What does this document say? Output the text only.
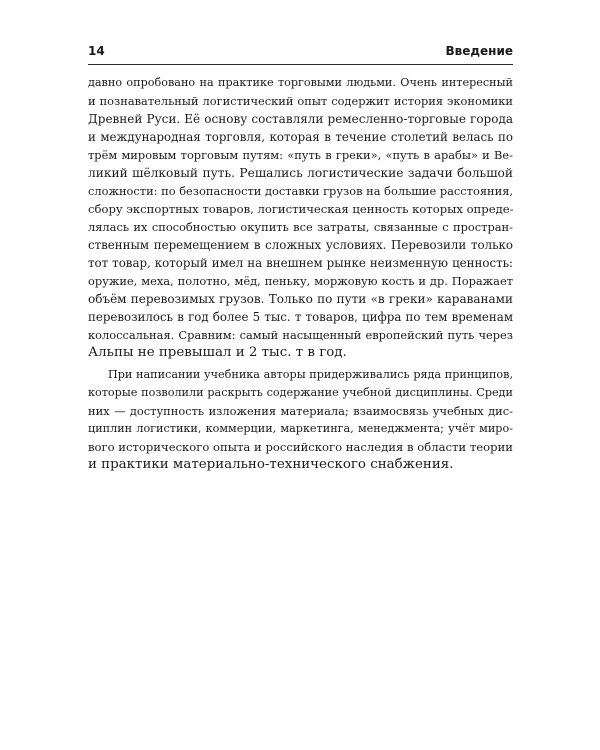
14	Введение
давно опробовано на практике торговыми людьми. Очень интересный
и познавательный логистический опыт содержит история экономики
Древней Руси. Её основу составляли ремесленно-торговые города
и международная торговля, которая в течение столетий велась по
трём мировым торговым путям: «путь в греки», «путь в арабы» и Ве-
ликий шёлковый путь. Решались логистические задачи большой
сложности: по безопасности доставки грузов на большие расстояния,
сбору экспортных товаров, логистическая ценность которых опреде-
лялась их способностью окупить все затраты, связанные с простран-
ственным перемещением в сложных условиях. Перевозили только
тот товар, который имел на внешнем рынке неизменную ценность:
оружие, меха, полотно, мёд, пеньку, моржовую кость и др. Поражает
объём перевозимых грузов. Только по пути «в греки» караванами
перевозилось в год более 5 тыс. т товаров, цифра по тем временам
колоссальная. Сравним: самый насыщенный европейский путь через
Альпы не превышал и 2 тыс. т в год.
При написании учебника авторы придерживались ряда принципов,
которые позволили раскрыть содержание учебной дисциплины. Среди
них — доступность изложения материала; взаимосвязь учебных дис-
циплин логистики, коммерции, маркетинга, менеджмента; учёт миро-
вого исторического опыта и российского наследия в области теории
и практики материально-технического снабжения.
